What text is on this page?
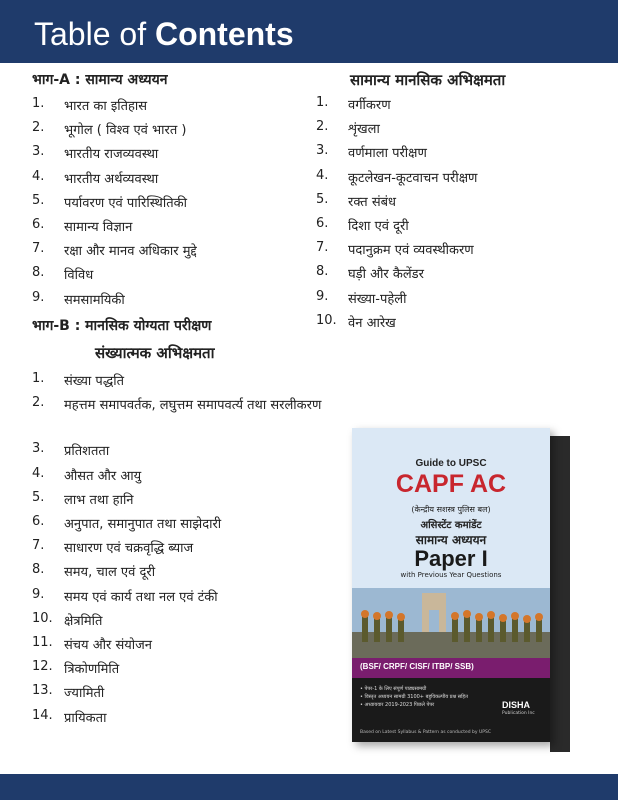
Table of Contents
भाग-A : सामान्य अध्ययन
1. भारत का इतिहास
2. भूगोल ( विश्व एवं भारत )
3. भारतीय राजव्यवस्था
4. भारतीय अर्थव्यवस्था
5. पर्यावरण एवं पारिस्थितिकी
6. सामान्य विज्ञान
7. रक्षा और मानव अधिकार मुद्दे
8. विविध
9. समसामयिकी
भाग-B : मानसिक योग्यता परीक्षण
संख्यात्मक अभिक्षमता
1. संख्या पद्धति
2. महत्तम समापवर्तक, लघुत्तम समापवर्त्य तथा सरलीकरण
3. प्रतिशतता
4. औसत और आयु
5. लाभ तथा हानि
6. अनुपात, समानुपात तथा साझेदारी
7. साधारण एवं चक्रवृद्धि ब्याज
8. समय, चाल एवं दूरी
9. समय एवं कार्य तथा नल एवं टंकी
10. क्षेत्रमिति
11. संचय और संयोजन
12. त्रिकोणमिति
13. ज्यामिती
14. प्रायिकता
सामान्य मानसिक अभिक्षमता
1. वर्गीकरण
2. शृंखला
3. वर्णमाला परीक्षण
4. कूटलेखन-कूटवाचन परीक्षण
5. रक्त संबंध
6. दिशा एवं दूरी
7. पदानुक्रम एवं व्यवस्थीकरण
8. घड़ी और कैलेंडर
9. संख्या-पहेली
10. वेन आरेख
Guide to UPSC
CAPF AC
(केन्द्रीय सशस्त्र पुलिस बल)
असिस्टेंट कमांडेंट
सामान्य अध्ययन
Paper I
with Previous Year Questions
(BSF/ CRPF/ CISF/ ITBP/ SSB)
• पेपर-1 के लिए संपूर्ण पाठ्यसामग्री
• विस्तृत अध्ययन सामग्री 3100+ बहुविकल्पीय प्रश्न सहित
• अध्यायवार 2019-2023 पिछले पेपर	DISHA
Publication Inc
Based on Latest Syllabus & Pattern as conducted by UPSC
